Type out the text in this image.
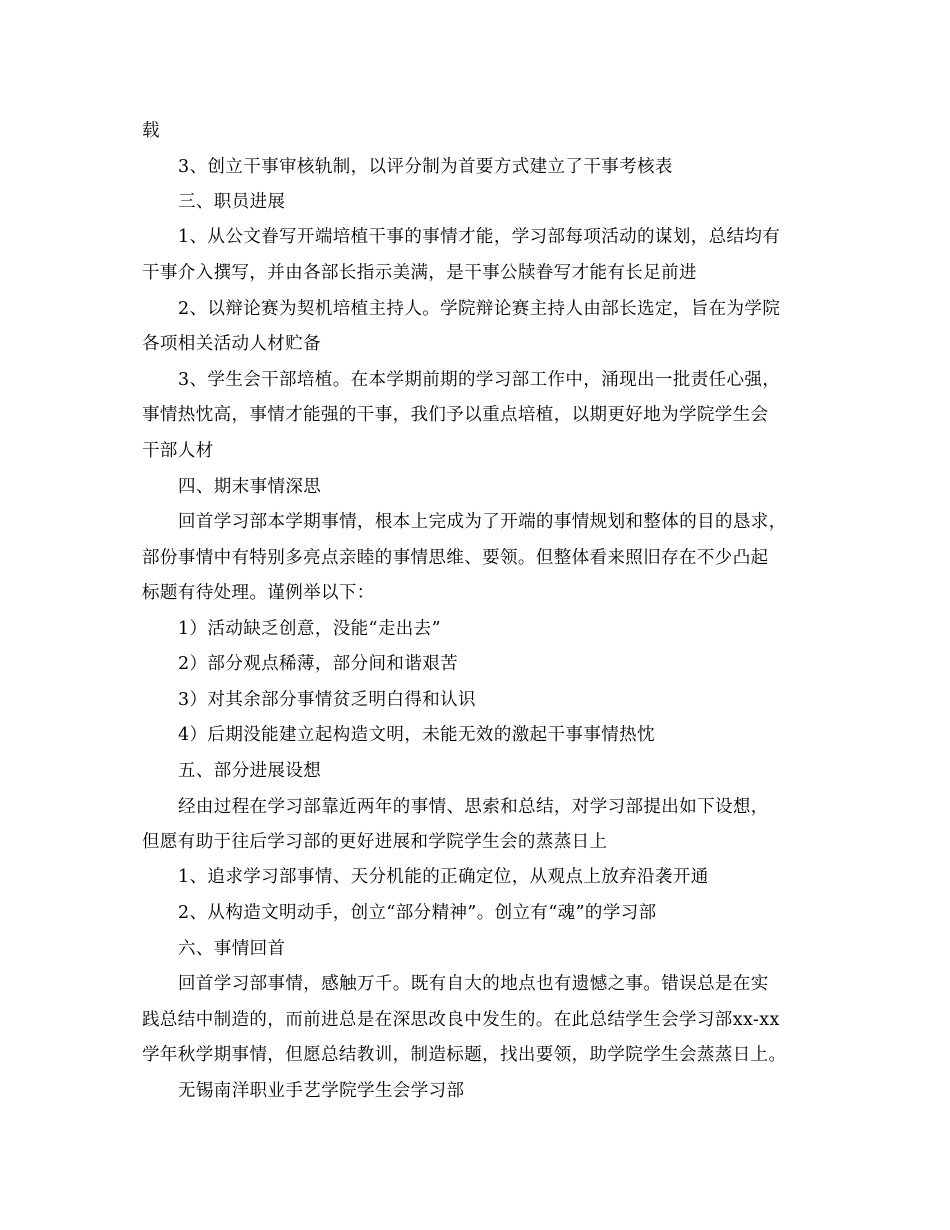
载
3、创立干事审核轨制，以评分制为首要方式建立了干事考核表
三、职员进展
1、从公文眷写开端培植干事的事情才能，学习部每项活动的谋划，总结均有
干事介入撰写，并由各部长指示美满，是干事公牍眷写才能有长足前进
2、以辩论赛为契机培植主持人。学院辩论赛主持人由部长选定，旨在为学院
各项相关活动人材贮备
3、学生会干部培植。在本学期前期的学习部工作中，涌现出一批责任心强，
事情热忱高，事情才能强的干事，我们予以重点培植，以期更好地为学院学生会
干部人材
四、期末事情深思
回首学习部本学期事情，根本上完成为了开端的事情规划和整体的目的恳求，
部份事情中有特别多亮点亲睦的事情思维、要领。但整体看来照旧存在不少凸起
标题有待处理。谨例举以下：
1）活动缺乏创意，没能“走出去”
2）部分观点稀薄，部分间和谐艰苦
3）对其余部分事情贫乏明白得和认识
4）后期没能建立起构造文明，未能无效的激起干事事情热忱
五、部分进展设想
经由过程在学习部靠近两年的事情、思索和总结，对学习部提出如下设想，
但愿有助于往后学习部的更好进展和学院学生会的蒸蒸日上
1、追求学习部事情、天分机能的正确定位，从观点上放弃沿袭开通
2、从构造文明动手，创立“部分精神”。创立有“魂”的学习部
六、事情回首
回首学习部事情，感触万千。既有自大的地点也有遗憾之事。错误总是在实
践总结中制造的，而前进总是在深思改良中发生的。在此总结学生会学习部xx-xx
学年秋学期事情，但愿总结教训，制造标题，找出要领，助学院学生会蒸蒸日上。
无锡南洋职业手艺学院学生会学习部
